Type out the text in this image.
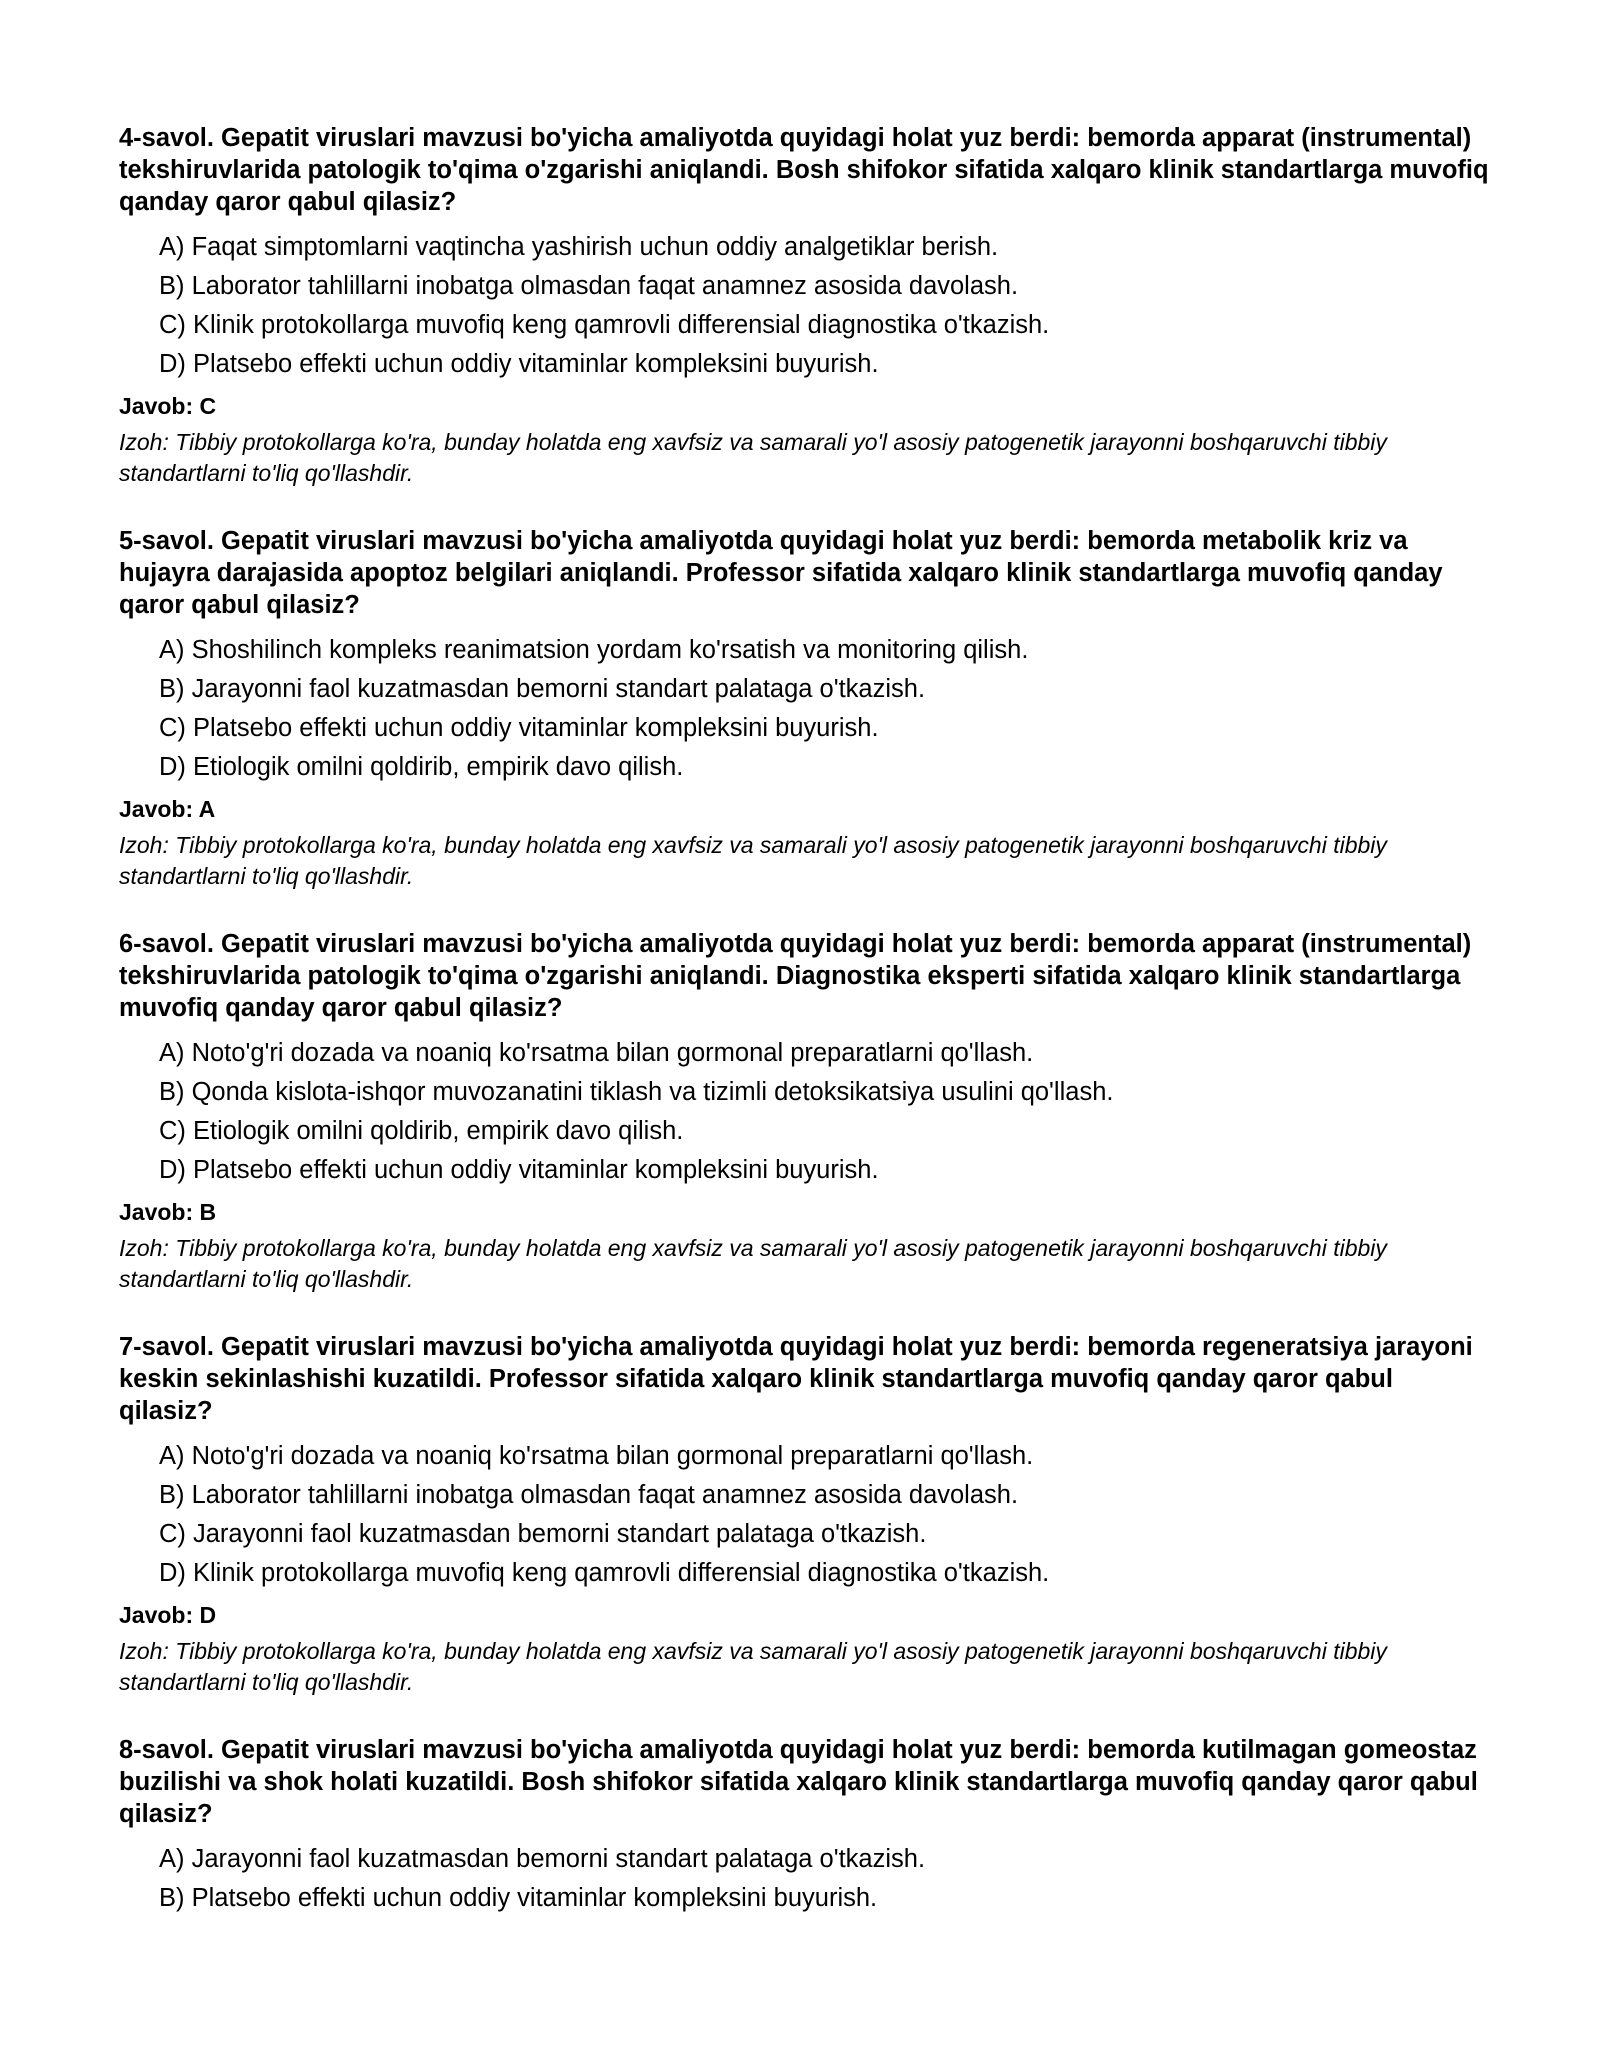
4-savol. Gepatit viruslari mavzusi bo'yicha amaliyotda quyidagi holat yuz berdi: bemorda apparat (instrumental) tekshiruvlarida patologik to'qima o'zgarishi aniqlandi. Bosh shifokor sifatida xalqaro klinik standartlarga muvofiq qanday qaror qabul qilasiz?
A) Faqat simptomlarni vaqtincha yashirish uchun oddiy analgetiklar berish.
B) Laborator tahlillarni inobatga olmasdan faqat anamnez asosida davolash.
C) Klinik protokollarga muvofiq keng qamrovli differensial diagnostika o'tkazish.
D) Platsebo effekti uchun oddiy vitaminlar kompleksini buyurish.
Javob: C
Izoh: Tibbiy protokollarga ko'ra, bunday holatda eng xavfsiz va samarali yo'l asosiy patogenetik jarayonni boshqaruvchi tibbiy standartlarni to'liq qo'llashdir.
5-savol. Gepatit viruslari mavzusi bo'yicha amaliyotda quyidagi holat yuz berdi: bemorda metabolik kriz va hujayra darajasida apoptoz belgilari aniqlandi. Professor sifatida xalqaro klinik standartlarga muvofiq qanday qaror qabul qilasiz?
A) Shoshilinch kompleks reanimatsion yordam ko'rsatish va monitoring qilish.
B) Jarayonni faol kuzatmasdan bemorni standart palataga o'tkazish.
C) Platsebo effekti uchun oddiy vitaminlar kompleksini buyurish.
D) Etiologik omilni qoldirib, empirik davo qilish.
Javob: A
Izoh: Tibbiy protokollarga ko'ra, bunday holatda eng xavfsiz va samarali yo'l asosiy patogenetik jarayonni boshqaruvchi tibbiy standartlarni to'liq qo'llashdir.
6-savol. Gepatit viruslari mavzusi bo'yicha amaliyotda quyidagi holat yuz berdi: bemorda apparat (instrumental) tekshiruvlarida patologik to'qima o'zgarishi aniqlandi. Diagnostika eksperti sifatida xalqaro klinik standartlarga muvofiq qanday qaror qabul qilasiz?
A) Noto'g'ri dozada va noaniq ko'rsatma bilan gormonal preparatlarni qo'llash.
B) Qonda kislota-ishqor muvozanatini tiklash va tizimli detoksikatsiya usulini qo'llash.
C) Etiologik omilni qoldirib, empirik davo qilish.
D) Platsebo effekti uchun oddiy vitaminlar kompleksini buyurish.
Javob: B
Izoh: Tibbiy protokollarga ko'ra, bunday holatda eng xavfsiz va samarali yo'l asosiy patogenetik jarayonni boshqaruvchi tibbiy standartlarni to'liq qo'llashdir.
7-savol. Gepatit viruslari mavzusi bo'yicha amaliyotda quyidagi holat yuz berdi: bemorda regeneratsiya jarayoni keskin sekinlashishi kuzatildi. Professor sifatida xalqaro klinik standartlarga muvofiq qanday qaror qabul qilasiz?
A) Noto'g'ri dozada va noaniq ko'rsatma bilan gormonal preparatlarni qo'llash.
B) Laborator tahlillarni inobatga olmasdan faqat anamnez asosida davolash.
C) Jarayonni faol kuzatmasdan bemorni standart palataga o'tkazish.
D) Klinik protokollarga muvofiq keng qamrovli differensial diagnostika o'tkazish.
Javob: D
Izoh: Tibbiy protokollarga ko'ra, bunday holatda eng xavfsiz va samarali yo'l asosiy patogenetik jarayonni boshqaruvchi tibbiy standartlarni to'liq qo'llashdir.
8-savol. Gepatit viruslari mavzusi bo'yicha amaliyotda quyidagi holat yuz berdi: bemorda kutilmagan gomeostaz buzilishi va shok holati kuzatildi. Bosh shifokor sifatida xalqaro klinik standartlarga muvofiq qanday qaror qabul qilasiz?
A) Jarayonni faol kuzatmasdan bemorni standart palataga o'tkazish.
B) Platsebo effekti uchun oddiy vitaminlar kompleksini buyurish.
